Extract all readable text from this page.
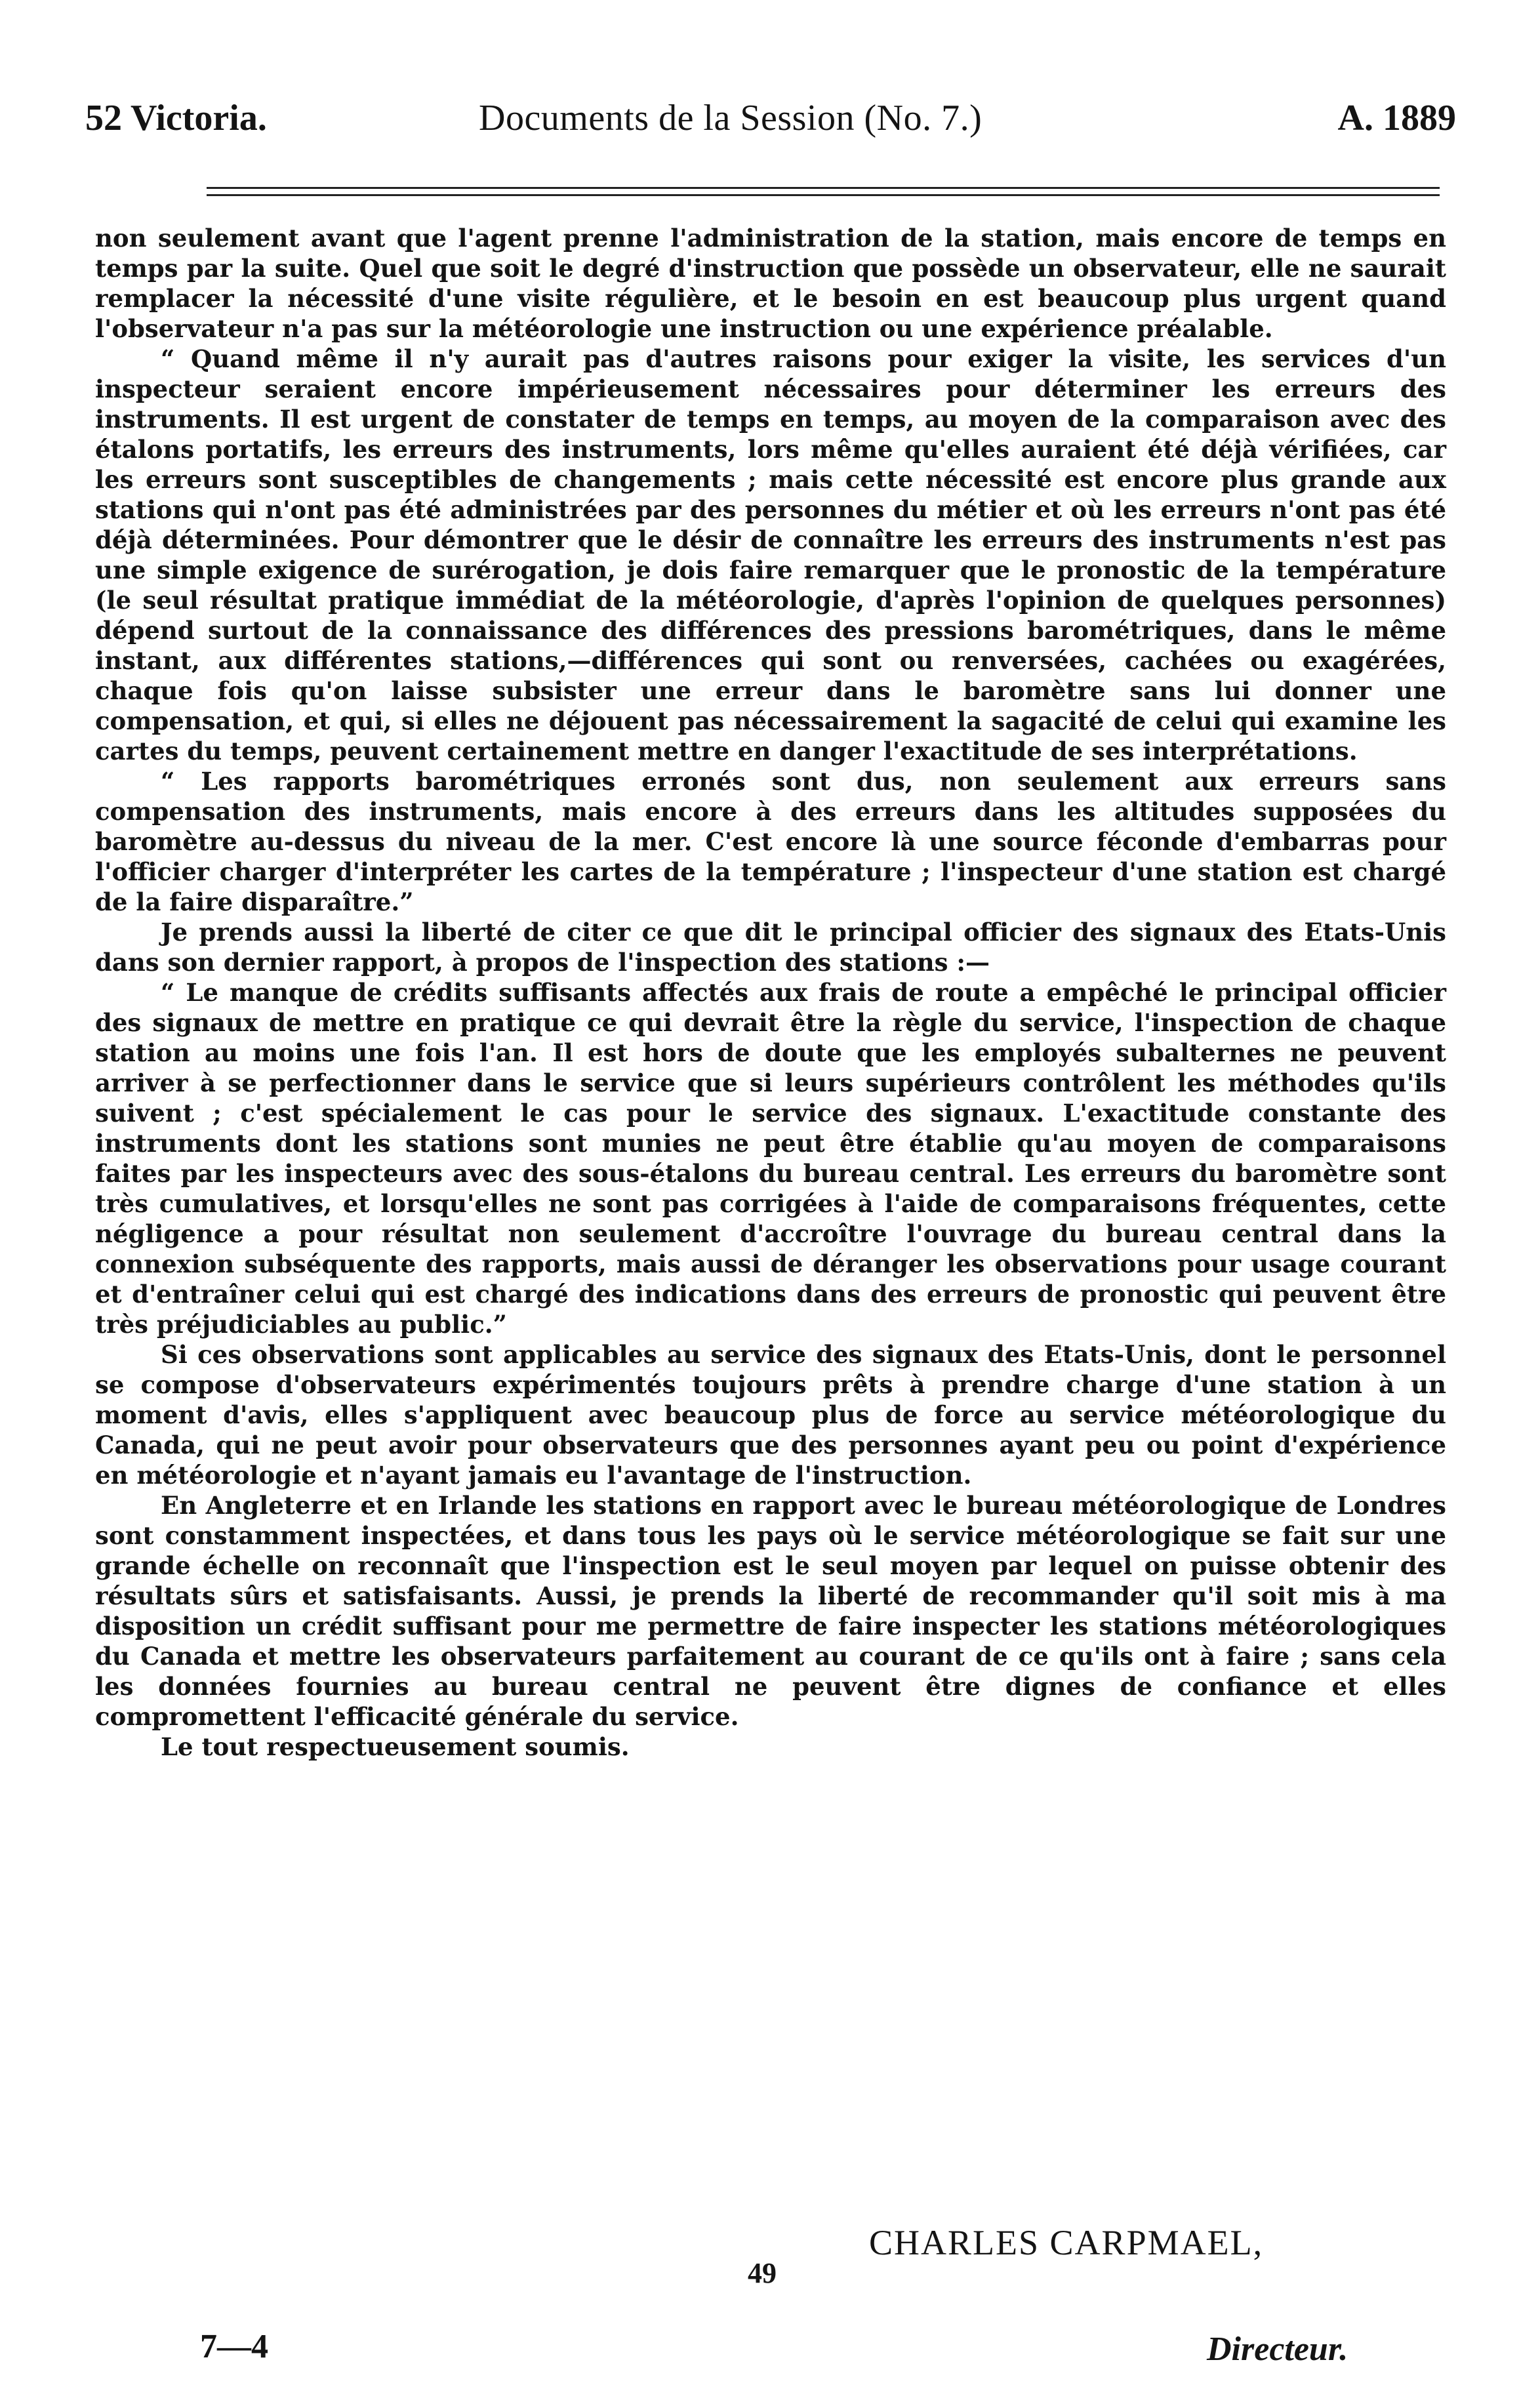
52 Victoria.	Documents de la Session (No. 7.)	A. 1889

non seulement avant que l'agent prenne l'administration de la station, mais encore de temps en temps par la suite. Quel que soit le degré d'instruction que possède un observateur, elle ne saurait remplacer la nécessité d'une visite régulière, et le besoin en est beaucoup plus urgent quand l'observateur n'a pas sur la météorologie une instruction ou une expérience préalable.

“ Quand même il n'y aurait pas d'autres raisons pour exiger la visite, les services d'un inspecteur seraient encore impérieusement nécessaires pour déterminer les erreurs des instruments. Il est urgent de constater de temps en temps, au moyen de la comparaison avec des étalons portatifs, les erreurs des instruments, lors même qu'elles auraient été déjà vérifiées, car les erreurs sont susceptibles de changements ; mais cette nécessité est encore plus grande aux stations qui n'ont pas été administrées par des personnes du métier et où les erreurs n'ont pas été déjà déterminées. Pour démontrer que le désir de connaître les erreurs des instruments n'est pas une simple exigence de surérogation, je dois faire remarquer que le pronostic de la température (le seul résultat pratique immédiat de la météorologie, d'après l'opinion de quelques personnes) dépend surtout de la connaissance des différences des pressions barométriques, dans le même instant, aux différentes stations,—différences qui sont ou renversées, cachées ou exagérées, chaque fois qu'on laisse subsister une erreur dans le baromètre sans lui donner une compensation, et qui, si elles ne déjouent pas nécessairement la sagacité de celui qui examine les cartes du temps, peuvent certainement mettre en danger l'exactitude de ses interprétations.

“ Les rapports barométriques erronés sont dus, non seulement aux erreurs sans compensation des instruments, mais encore à des erreurs dans les altitudes supposées du baromètre au-dessus du niveau de la mer. C'est encore là une source féconde d'embarras pour l'officier charger d'interpréter les cartes de la température ; l'inspecteur d'une station est chargé de la faire disparaître.”

Je prends aussi la liberté de citer ce que dit le principal officier des signaux des Etats-Unis dans son dernier rapport, à propos de l'inspection des stations :—

“ Le manque de crédits suffisants affectés aux frais de route a empêché le principal officier des signaux de mettre en pratique ce qui devrait être la règle du service, l'inspection de chaque station au moins une fois l'an. Il est hors de doute que les employés subalternes ne peuvent arriver à se perfectionner dans le service que si leurs supérieurs contrôlent les méthodes qu'ils suivent ; c'est spécialement le cas pour le service des signaux. L'exactitude constante des instruments dont les stations sont munies ne peut être établie qu'au moyen de comparaisons faites par les inspecteurs avec des sous-étalons du bureau central. Les erreurs du baromètre sont très cumulatives, et lorsqu'elles ne sont pas corrigées à l'aide de comparaisons fréquentes, cette négligence a pour résultat non seulement d'accroître l'ouvrage du bureau central dans la connexion subséquente des rapports, mais aussi de déranger les observations pour usage courant et d'entraîner celui qui est chargé des indications dans des erreurs de pronostic qui peuvent être très préjudiciables au public.”

Si ces observations sont applicables au service des signaux des Etats-Unis, dont le personnel se compose d'observateurs expérimentés toujours prêts à prendre charge d'une station à un moment d'avis, elles s'appliquent avec beaucoup plus de force au service météorologique du Canada, qui ne peut avoir pour observateurs que des personnes ayant peu ou point d'expérience en météorologie et n'ayant jamais eu l'avantage de l'instruction.

En Angleterre et en Irlande les stations en rapport avec le bureau météorologique de Londres sont constamment inspectées, et dans tous les pays où le service météorologique se fait sur une grande échelle on reconnaît que l'inspection est le seul moyen par lequel on puisse obtenir des résultats sûrs et satisfaisants. Aussi, je prends la liberté de recommander qu'il soit mis à ma disposition un crédit suffisant pour me permettre de faire inspecter les stations météorologiques du Canada et mettre les observateurs parfaitement au courant de ce qu'ils ont à faire ; sans cela les données fournies au bureau central ne peuvent être dignes de confiance et elles compromettent l'efficacité générale du service.

Le tout respectueusement soumis.

CHARLES CARPMAEL,
49
7—4	Directeur.
